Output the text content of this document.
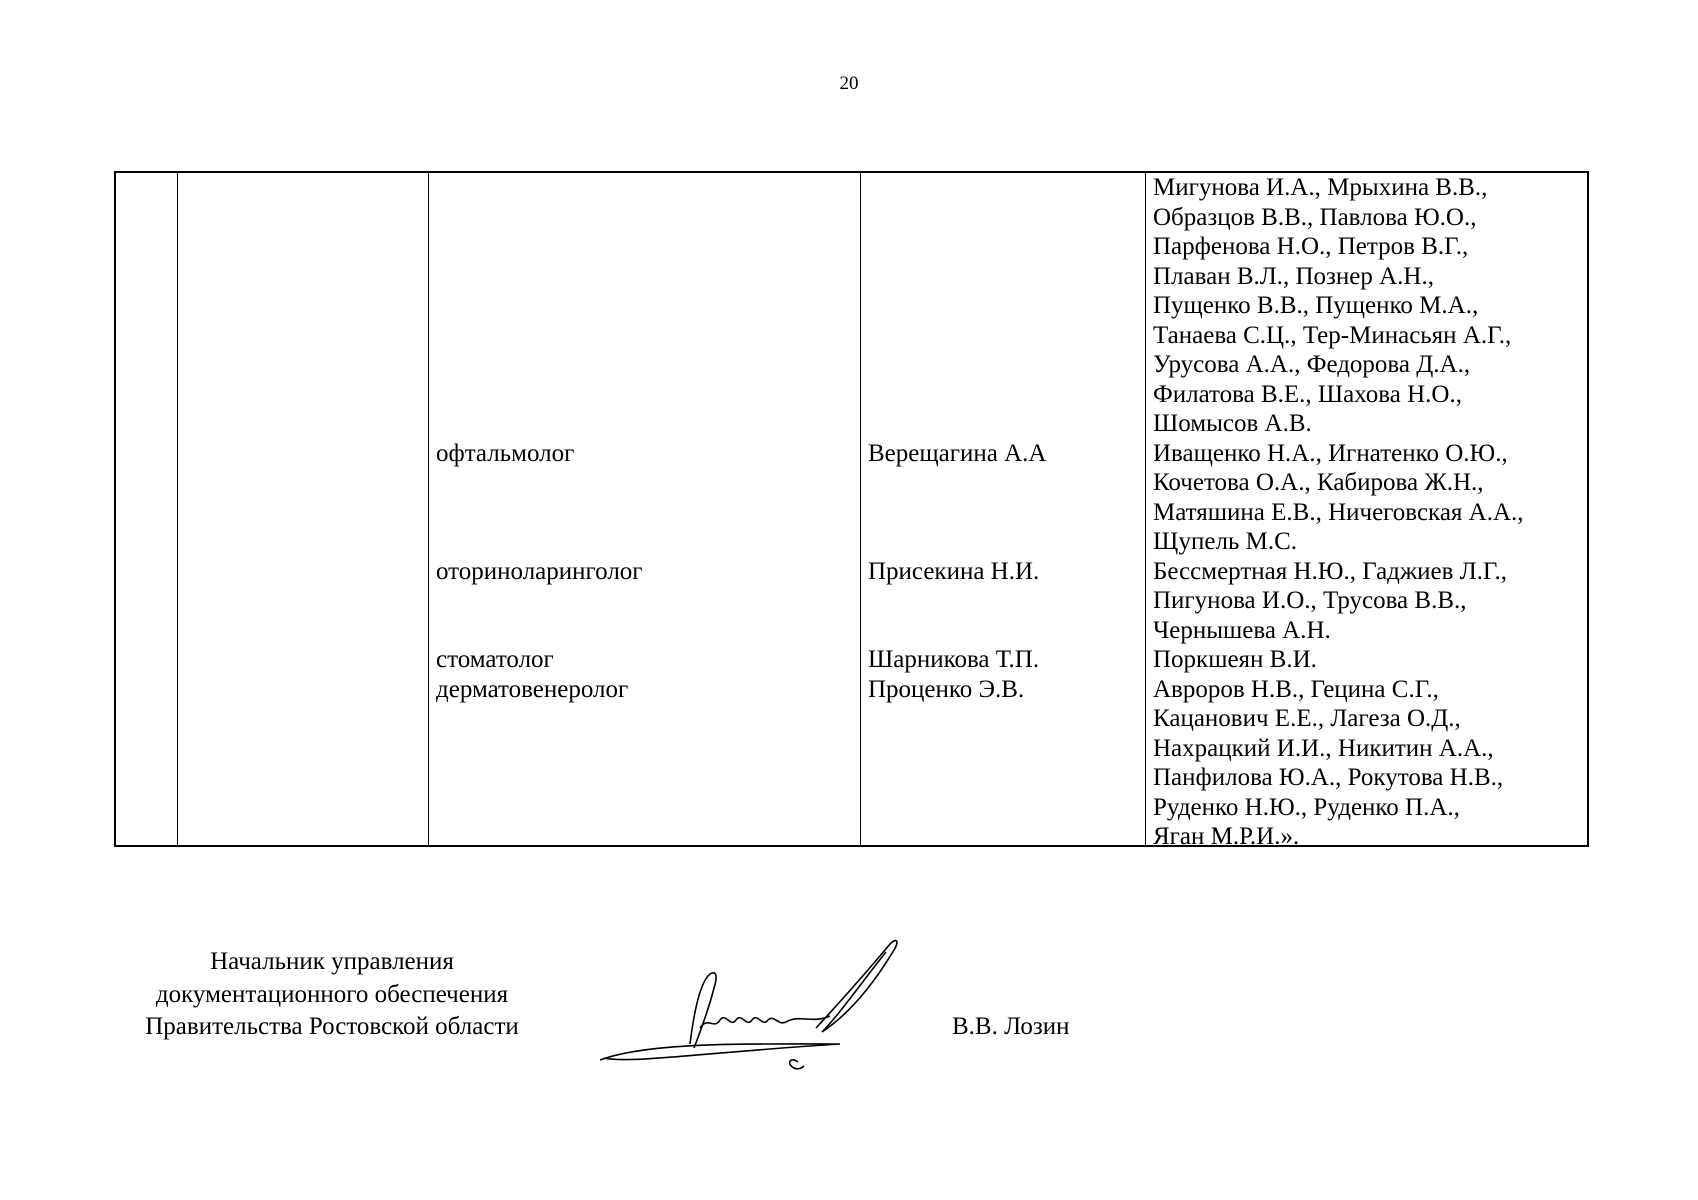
20
офтальмолог
оториноларинголог
стоматолог
дерматовенеролог
Верещагина А.А
Присекина Н.И.
Шарникова Т.П.
Проценко Э.В.
Мигунова И.А., Мрыхина В.В.,
Образцов В.В., Павлова Ю.О.,
Парфенова Н.О., Петров В.Г.,
Плаван В.Л., Познер А.Н.,
Пущенко В.В., Пущенко М.А.,
Танаева С.Ц., Тер-Минасьян А.Г.,
Урусова А.А., Федорова Д.А.,
Филатова В.Е., Шахова Н.О.,
Шомысов А.В.
Иващенко Н.А., Игнатенко О.Ю.,
Кочетова О.А., Кабирова Ж.Н.,
Матяшина Е.В., Ничеговская А.А.,
Щупель М.С.
Бессмертная Н.Ю., Гаджиев Л.Г.,
Пигунова И.О., Трусова В.В.,
Чернышева А.Н.
Поркшеян В.И.
Авроров Н.В., Гецина С.Г.,
Кацанович Е.Е., Лагеза О.Д.,
Нахрацкий И.И., Никитин А.А.,
Панфилова Ю.А., Рокутова Н.В.,
Руденко Н.Ю., Руденко П.А.,
Яган М.Р.И.».
Начальник управления
документационного обеспечения
Правительства Ростовской области	В.В. Лозин
